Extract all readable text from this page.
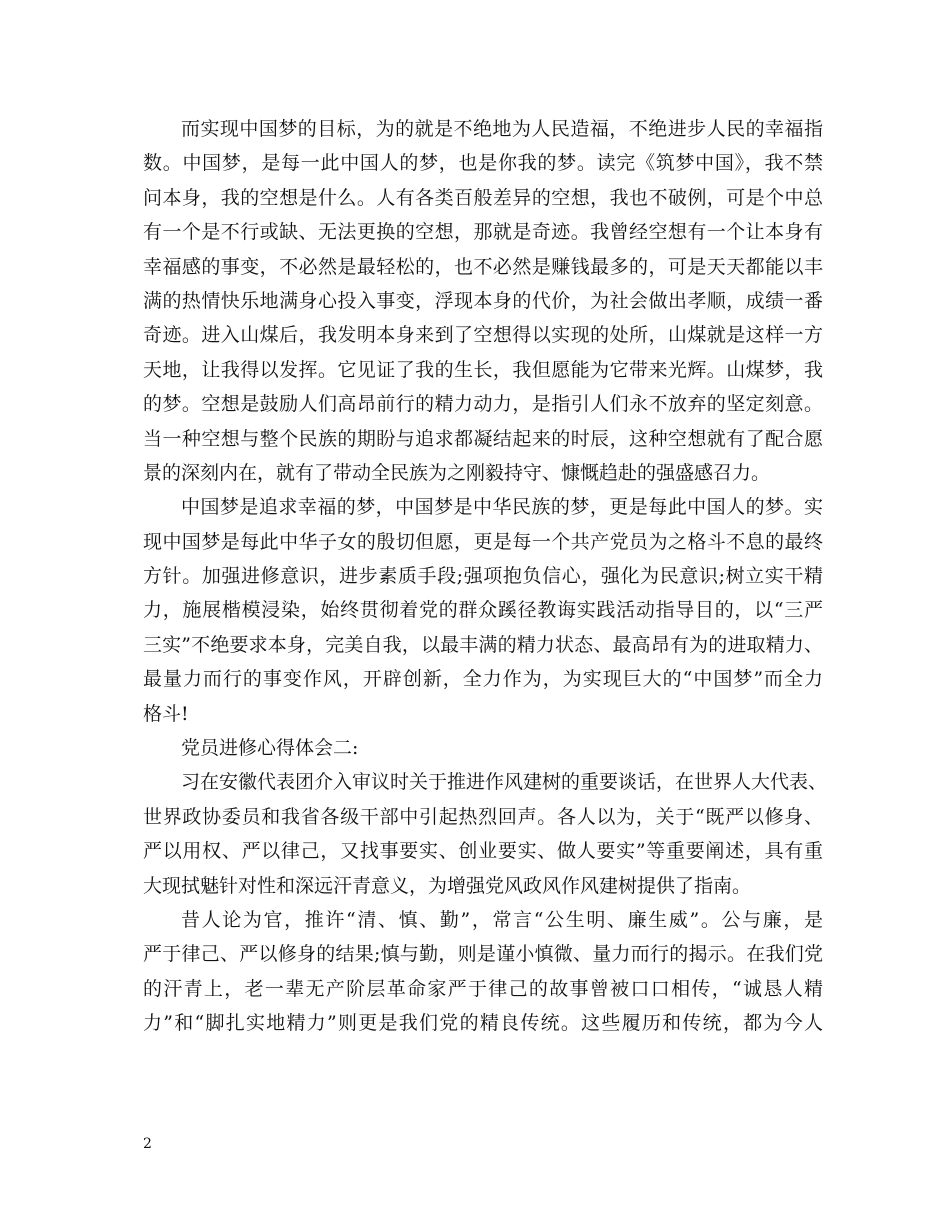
而实现中国梦的目标，为的就是不绝地为人民造福，不绝进步人民的幸福指
数。中国梦，是每一此中国人的梦，也是你我的梦。读完《筑梦中国》，我不禁
问本身，我的空想是什么。人有各类百般差异的空想，我也不破例，可是个中总
有一个是不行或缺、无法更换的空想，那就是奇迹。我曾经空想有一个让本身有
幸福感的事变，不必然是最轻松的，也不必然是赚钱最多的，可是天天都能以丰
满的热情快乐地满身心投入事变，浮现本身的代价，为社会做出孝顺，成绩一番
奇迹。进入山煤后，我发明本身来到了空想得以实现的处所，山煤就是这样一方
天地，让我得以发挥。它见证了我的生长，我但愿能为它带来光辉。山煤梦，我
的梦。空想是鼓励人们高昂前行的精力动力，是指引人们永不放弃的坚定刻意。
当一种空想与整个民族的期盼与追求都凝结起来的时辰，这种空想就有了配合愿
景的深刻内在，就有了带动全民族为之刚毅持守、慷慨趋赴的强盛感召力。
中国梦是追求幸福的梦，中国梦是中华民族的梦，更是每此中国人的梦。实
现中国梦是每此中华子女的殷切但愿，更是每一个共产党员为之格斗不息的最终
方针。加强进修意识，进步素质手段;强项抱负信心，强化为民意识;树立实干精
力，施展楷模浸染，始终贯彻着党的群众蹊径教诲实践活动指导目的，以“三严
三实”不绝要求本身，完美自我，以最丰满的精力状态、最高昂有为的进取精力、
最量力而行的事变作风，开辟创新，全力作为，为实现巨大的“中国梦”而全力
格斗!
党员进修心得体会二:
习在安徽代表团介入审议时关于推进作风建树的重要谈话，在世界人大代表、
世界政协委员和我省各级干部中引起热烈回声。各人以为，关于“既严以修身、
严以用权、严以律己，又找事要实、创业要实、做人要实”等重要阐述，具有重
大现拭魅针对性和深远汗青意义，为增强党风政风作风建树提供了指南。
昔人论为官，推许“清、慎、勤”，常言“公生明、廉生威”。公与廉，是
严于律己、严以修身的结果;慎与勤，则是谨小慎微、量力而行的揭示。在我们党
的汗青上，老一辈无产阶层革命家严于律己的故事曾被口口相传，“诚恳人精
力”和“脚扎实地精力”则更是我们党的精良传统。这些履历和传统，都为今人
2
